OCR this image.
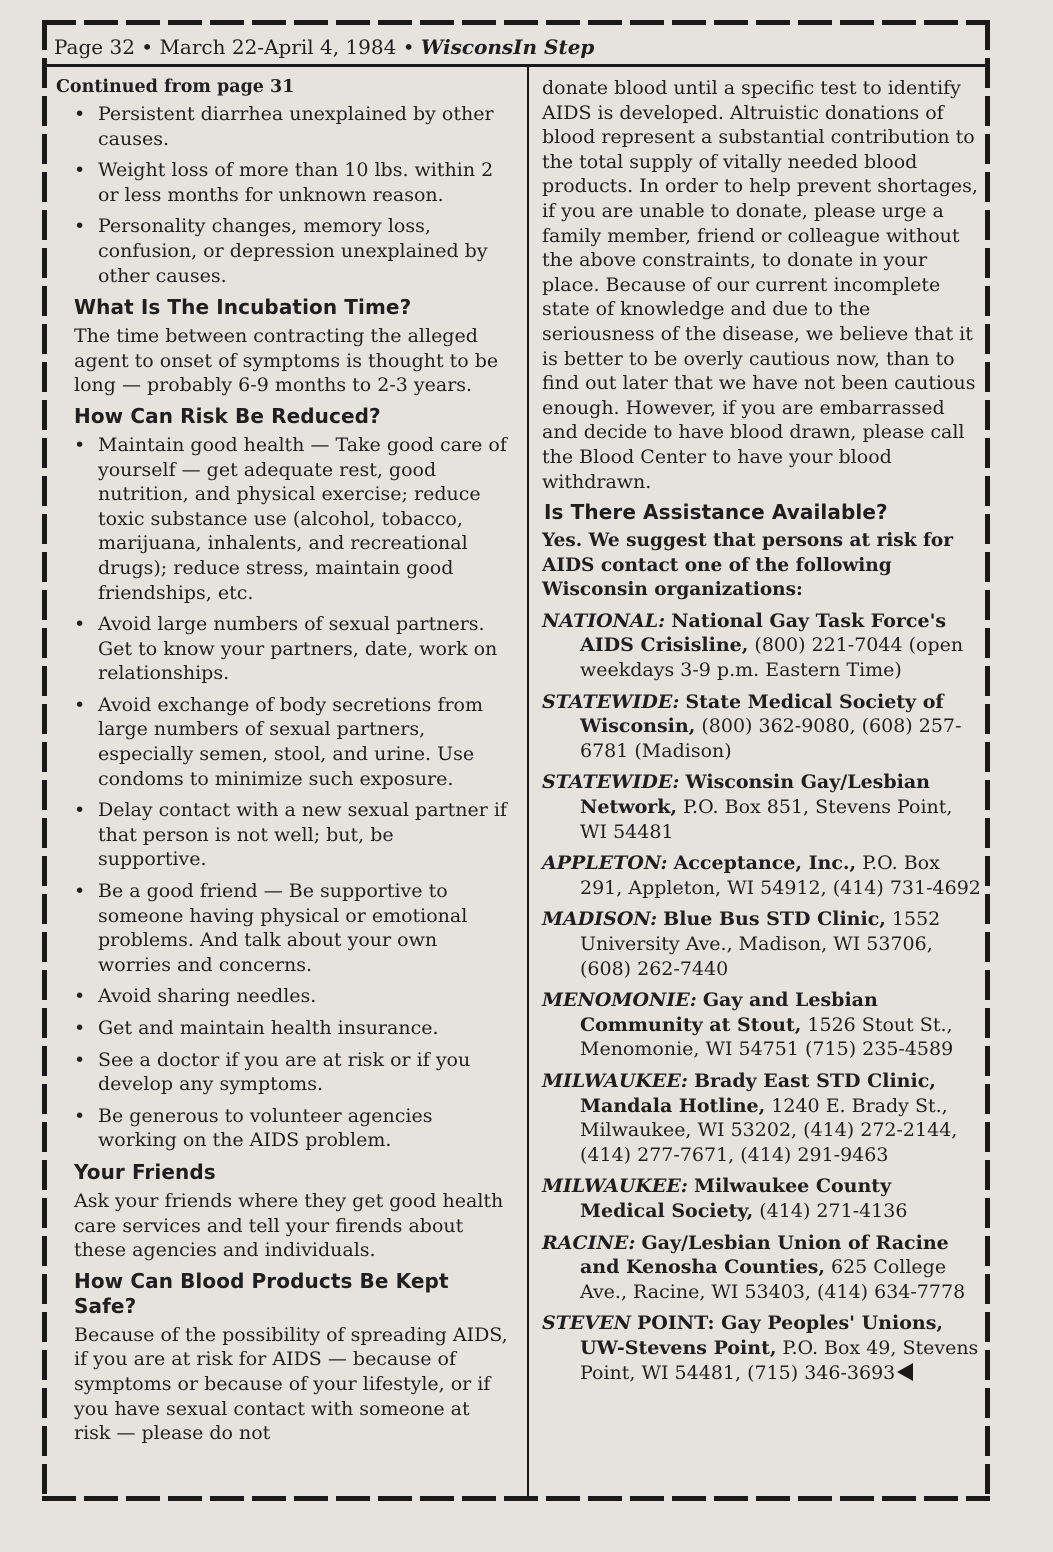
Page 32 • March 22-April 4, 1984 • WisconsIn Step

Continued from page 31

• Persistent diarrhea unexplained by other causes.
• Weight loss of more than 10 lbs. within 2 or less months for unknown reason.
• Personality changes, memory loss, confusion, or depression unexplained by other causes.
What Is The Incubation Time?

The time between contracting the alleged agent to onset of symptoms is thought to be long — probably 6-9 months to 2-3 years.

How Can Risk Be Reduced?
• Maintain good health — Take good care of yourself — get adequate rest, good nutrition, and physical exercise; reduce toxic substance use (alcohol, tobacco, marijuana, inhalents, and recreational drugs); reduce stress, maintain good friendships, etc.
• Avoid large numbers of sexual partners. Get to know your partners, date, work on relationships.
• Avoid exchange of body secretions from large numbers of sexual partners, especially semen, stool, and urine. Use condoms to minimize such exposure.
• Delay contact with a new sexual partner if that person is not well; but, be supportive.
• Be a good friend — Be supportive to someone having physical or emotional problems. And talk about your own worries and concerns.
• Avoid sharing needles.
• Get and maintain health insurance.
• See a doctor if you are at risk or if you develop any symptoms.
• Be generous to volunteer agencies working on the AIDS problem.
Your Friends

Ask your friends where they get good health care services and tell your firends about these agencies and individuals.

How Can Blood Products Be Kept Safe?

Because of the possibility of spreading AIDS, if you are at risk for AIDS — because of symptoms or because of your lifestyle, or if you have sexual contact with someone at risk — please do not

donate blood until a specific test to identify AIDS is developed. Altruistic donations of blood represent a substantial contribution to the total supply of vitally needed blood products. In order to help prevent shortages, if you are unable to donate, please urge a family member, friend or colleague without the above constraints, to donate in your place. Because of our current incomplete state of knowledge and due to the seriousness of the disease, we believe that it is better to be overly cautious now, than to find out later that we have not been cautious enough. However, if you are embarrassed and decide to have blood drawn, please call the Blood Center to have your blood withdrawn.

Is There Assistance Available?

Yes. We suggest that persons at risk for AIDS contact one of the following Wisconsin organizations:

NATIONAL: National Gay Task Force's AIDS Crisisline, (800) 221-7044 (open weekdays 3-9 p.m. Eastern Time)

STATEWIDE: State Medical Society of Wisconsin, (800) 362-9080, (608) 257-6781 (Madison)

STATEWIDE: Wisconsin Gay/Lesbian Network, P.O. Box 851, Stevens Point, WI 54481

APPLETON: Acceptance, Inc., P.O. Box 291, Appleton, WI 54912, (414) 731-4692

MADISON: Blue Bus STD Clinic, 1552 University Ave., Madison, WI 53706, (608) 262-7440

MENOMONIE: Gay and Lesbian Community at Stout, 1526 Stout St., Menomonie, WI 54751 (715) 235-4589

MILWAUKEE: Brady East STD Clinic, Mandala Hotline, 1240 E. Brady St., Milwaukee, WI 53202, (414) 272-2144, (414) 277-7671, (414) 291-9463

MILWAUKEE: Milwaukee County Medical Society, (414) 271-4136

RACINE: Gay/Lesbian Union of Racine and Kenosha Counties, 625 College Ave., Racine, WI 53403, (414) 634-7778

STEVEN POINT: Gay Peoples' Unions, UW-Stevens Point, P.O. Box 49, Stevens Point, WI 54481, (715) 346-3693
